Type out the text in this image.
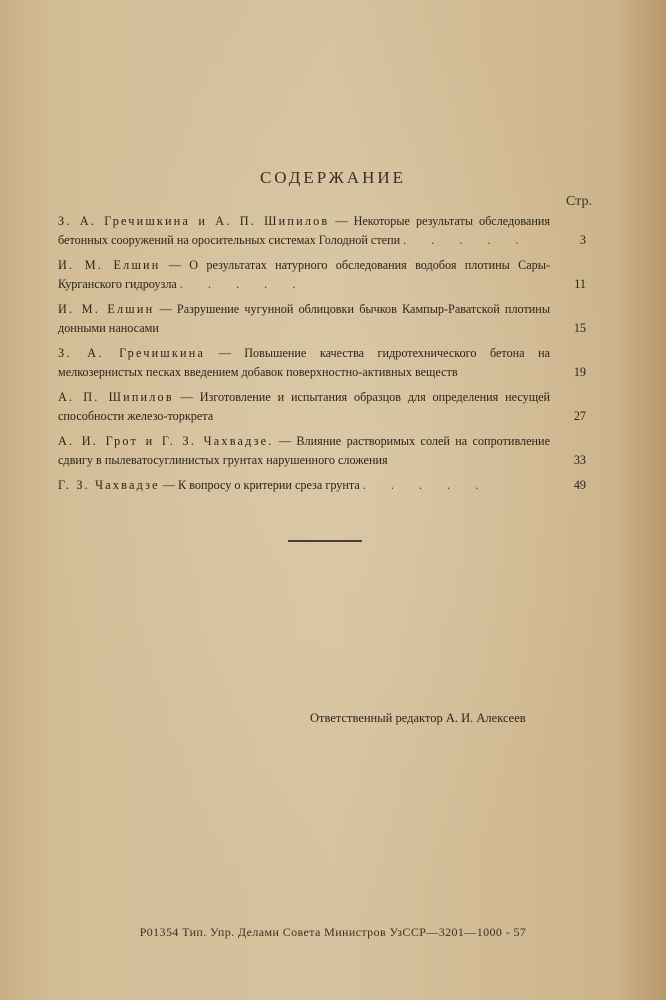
СОДЕРЖАНИЕ
Стр.
З. А. Гречишкина и А. П. Шипилов — Некоторые результаты обследования бетонных сооружений на оросительных системах Голодной степи . . . . .	3
И. М. Елшин — О результатах натурного обследования водобоя плотины Сары-Курганского гидроузла . . . . .	11
И. М. Елшин — Разрушение чугунной облицовки бычков Кампыр-Раватской плотины донными наносами	15
З. А. Гречишкина — Повышение качества гидротехнического бетона на мелкозернистых песках введением добавок поверхностно-активных веществ	19
А. П. Шипилов — Изготовление и испытания образцов для определения несущей способности железо-торкрета	27
А. И. Грот и Г. З. Чахвадзе. — Влияние растворимых солей на сопротивление сдвигу в пылеватосуглинистых грунтах нарушенного сложения	33
Г. З. Чахвадзе — К вопросу о критерии среза грунта . . . . .	49
Ответственный редактор А. И. Алексеев
Р01354 Тип. Упр. Делами Совета Министров УзССР—3201—1000 - 57
